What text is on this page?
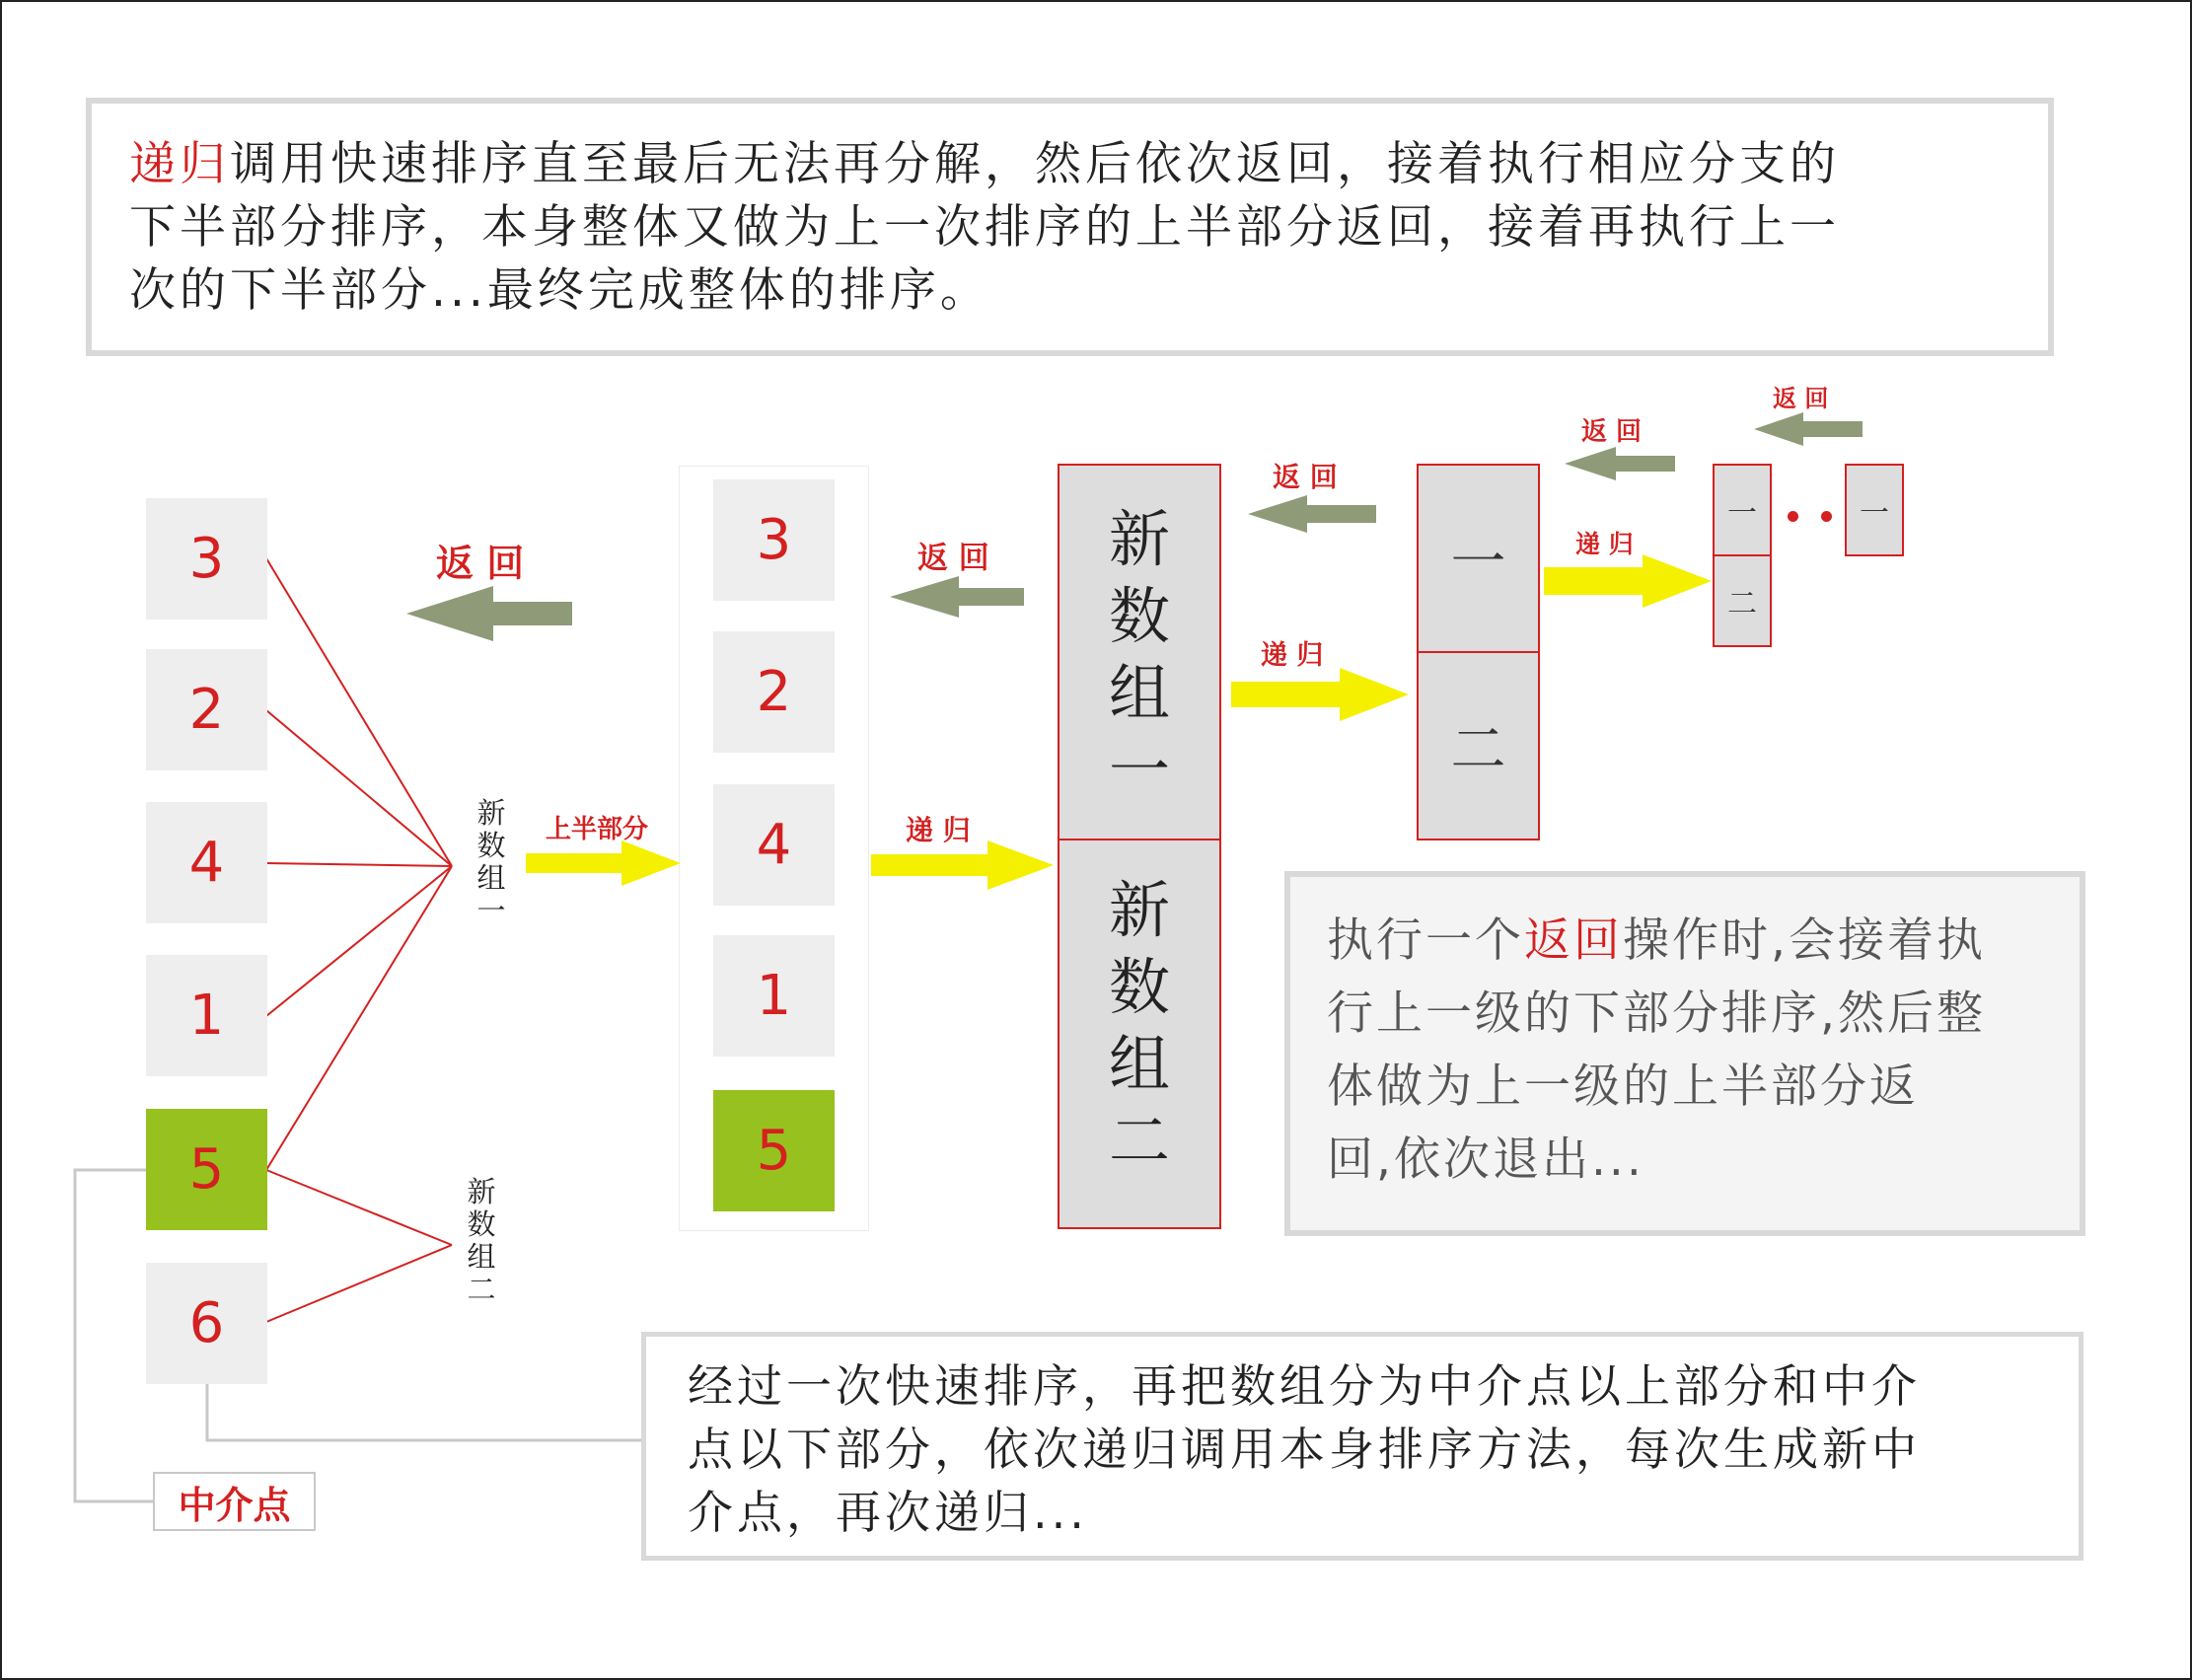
递归调用快速排序直至最后无法再分解，然后依次返回，接着执行相应分支的
下半部分排序，本身整体又做为上一次排序的上半部分返回，接着再执行上一
次的下半部分...最终完成整体的排序。
3
2
4
1
5
6
新
数
组
一
新
数
组
二
中介点
3
2
4
1
5
上半部分
返 回	返 回
递 归
递 归
返 回
递 归
返 回
返 回
新
数
组
一
新
数
组
二
一
二
一
二
一
执行一个返回操作时,会接着执
行上一级的下部分排序,然后整
体做为上一级的上半部分返
回,依次退出...
经过一次快速排序，再把数组分为中介点以上部分和中介
点以下部分，依次递归调用本身排序方法，每次生成新中
介点，再次递归...
